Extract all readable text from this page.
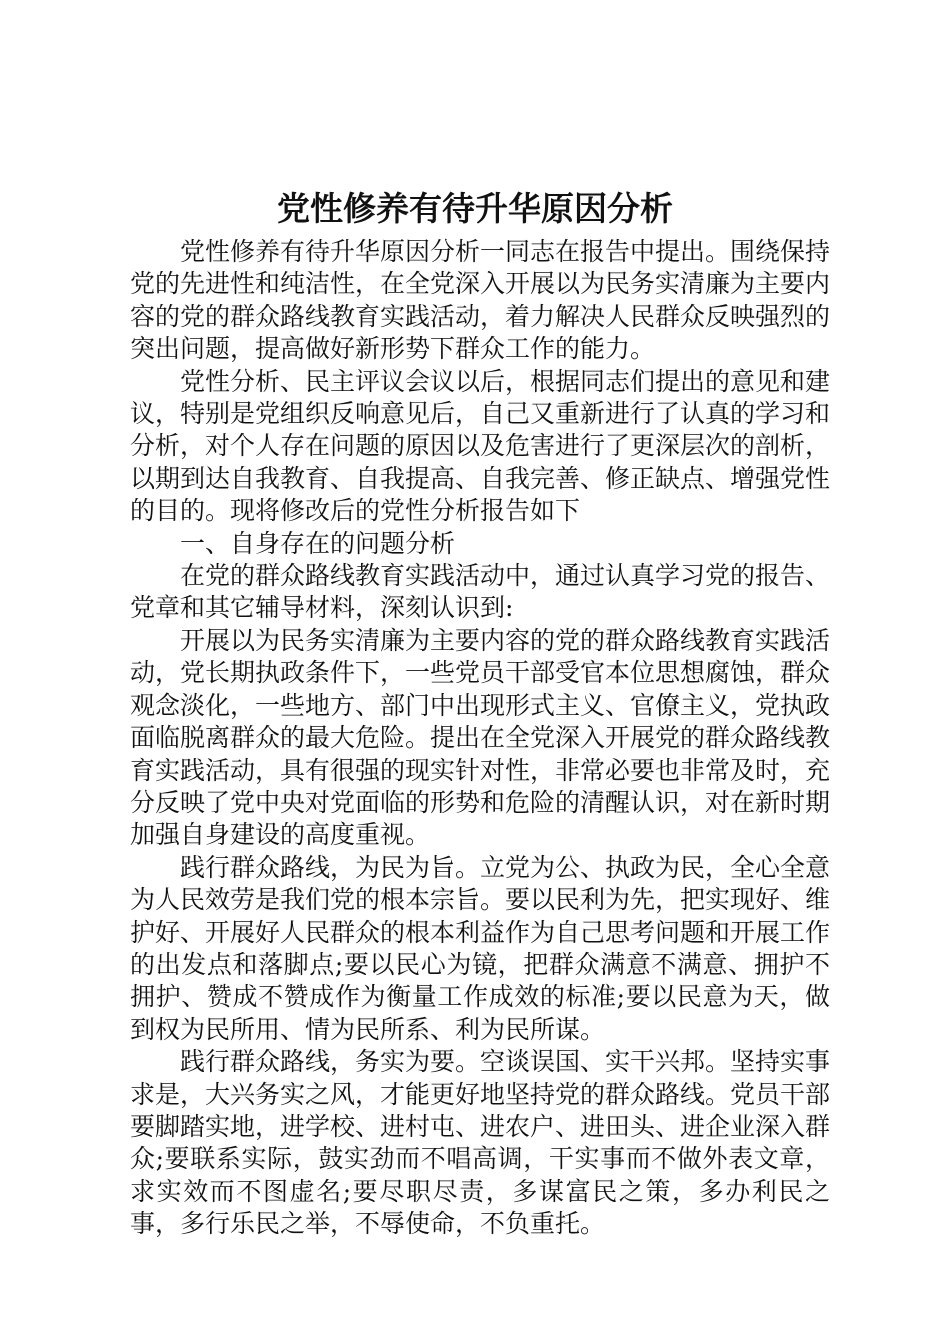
党性修养有待升华原因分析

党性修养有待升华原因分析一同志在报告中提出。围绕保持党的先进性和纯洁性，在全党深入开展以为民务实清廉为主要内容的党的群众路线教育实践活动，着力解决人民群众反映强烈的突出问题，提高做好新形势下群众工作的能力。

党性分析、民主评议会议以后，根据同志们提出的意见和建议，特别是党组织反响意见后，自己又重新进行了认真的学习和分析，对个人存在问题的原因以及危害进行了更深层次的剖析，以期到达自我教育、自我提高、自我完善、修正缺点、增强党性的目的。现将修改后的党性分析报告如下

一、自身存在的问题分析

在党的群众路线教育实践活动中，通过认真学习党的报告、党章和其它辅导材料，深刻认识到:

开展以为民务实清廉为主要内容的党的群众路线教育实践活动，党长期执政条件下，一些党员干部受官本位思想腐蚀，群众观念淡化，一些地方、部门中出现形式主义、官僚主义，党执政面临脱离群众的最大危险。提出在全党深入开展党的群众路线教育实践活动，具有很强的现实针对性，非常必要也非常及时，充分反映了党中央对党面临的形势和危险的清醒认识，对在新时期加强自身建设的高度重视。

践行群众路线，为民为旨。立党为公、执政为民，全心全意为人民效劳是我们党的根本宗旨。要以民利为先，把实现好、维护好、开展好人民群众的根本利益作为自己思考问题和开展工作的出发点和落脚点;要以民心为镜，把群众满意不满意、拥护不拥护、赞成不赞成作为衡量工作成效的标准;要以民意为天，做到权为民所用、情为民所系、利为民所谋。

践行群众路线，务实为要。空谈误国、实干兴邦。坚持实事求是，大兴务实之风，才能更好地坚持党的群众路线。党员干部要脚踏实地，进学校、进村屯、进农户、进田头、进企业深入群众;要联系实际，鼓实劲而不唱高调，干实事而不做外表文章，求实效而不图虚名;要尽职尽责，多谋富民之策，多办利民之事，多行乐民之举，不辱使命，不负重托。
